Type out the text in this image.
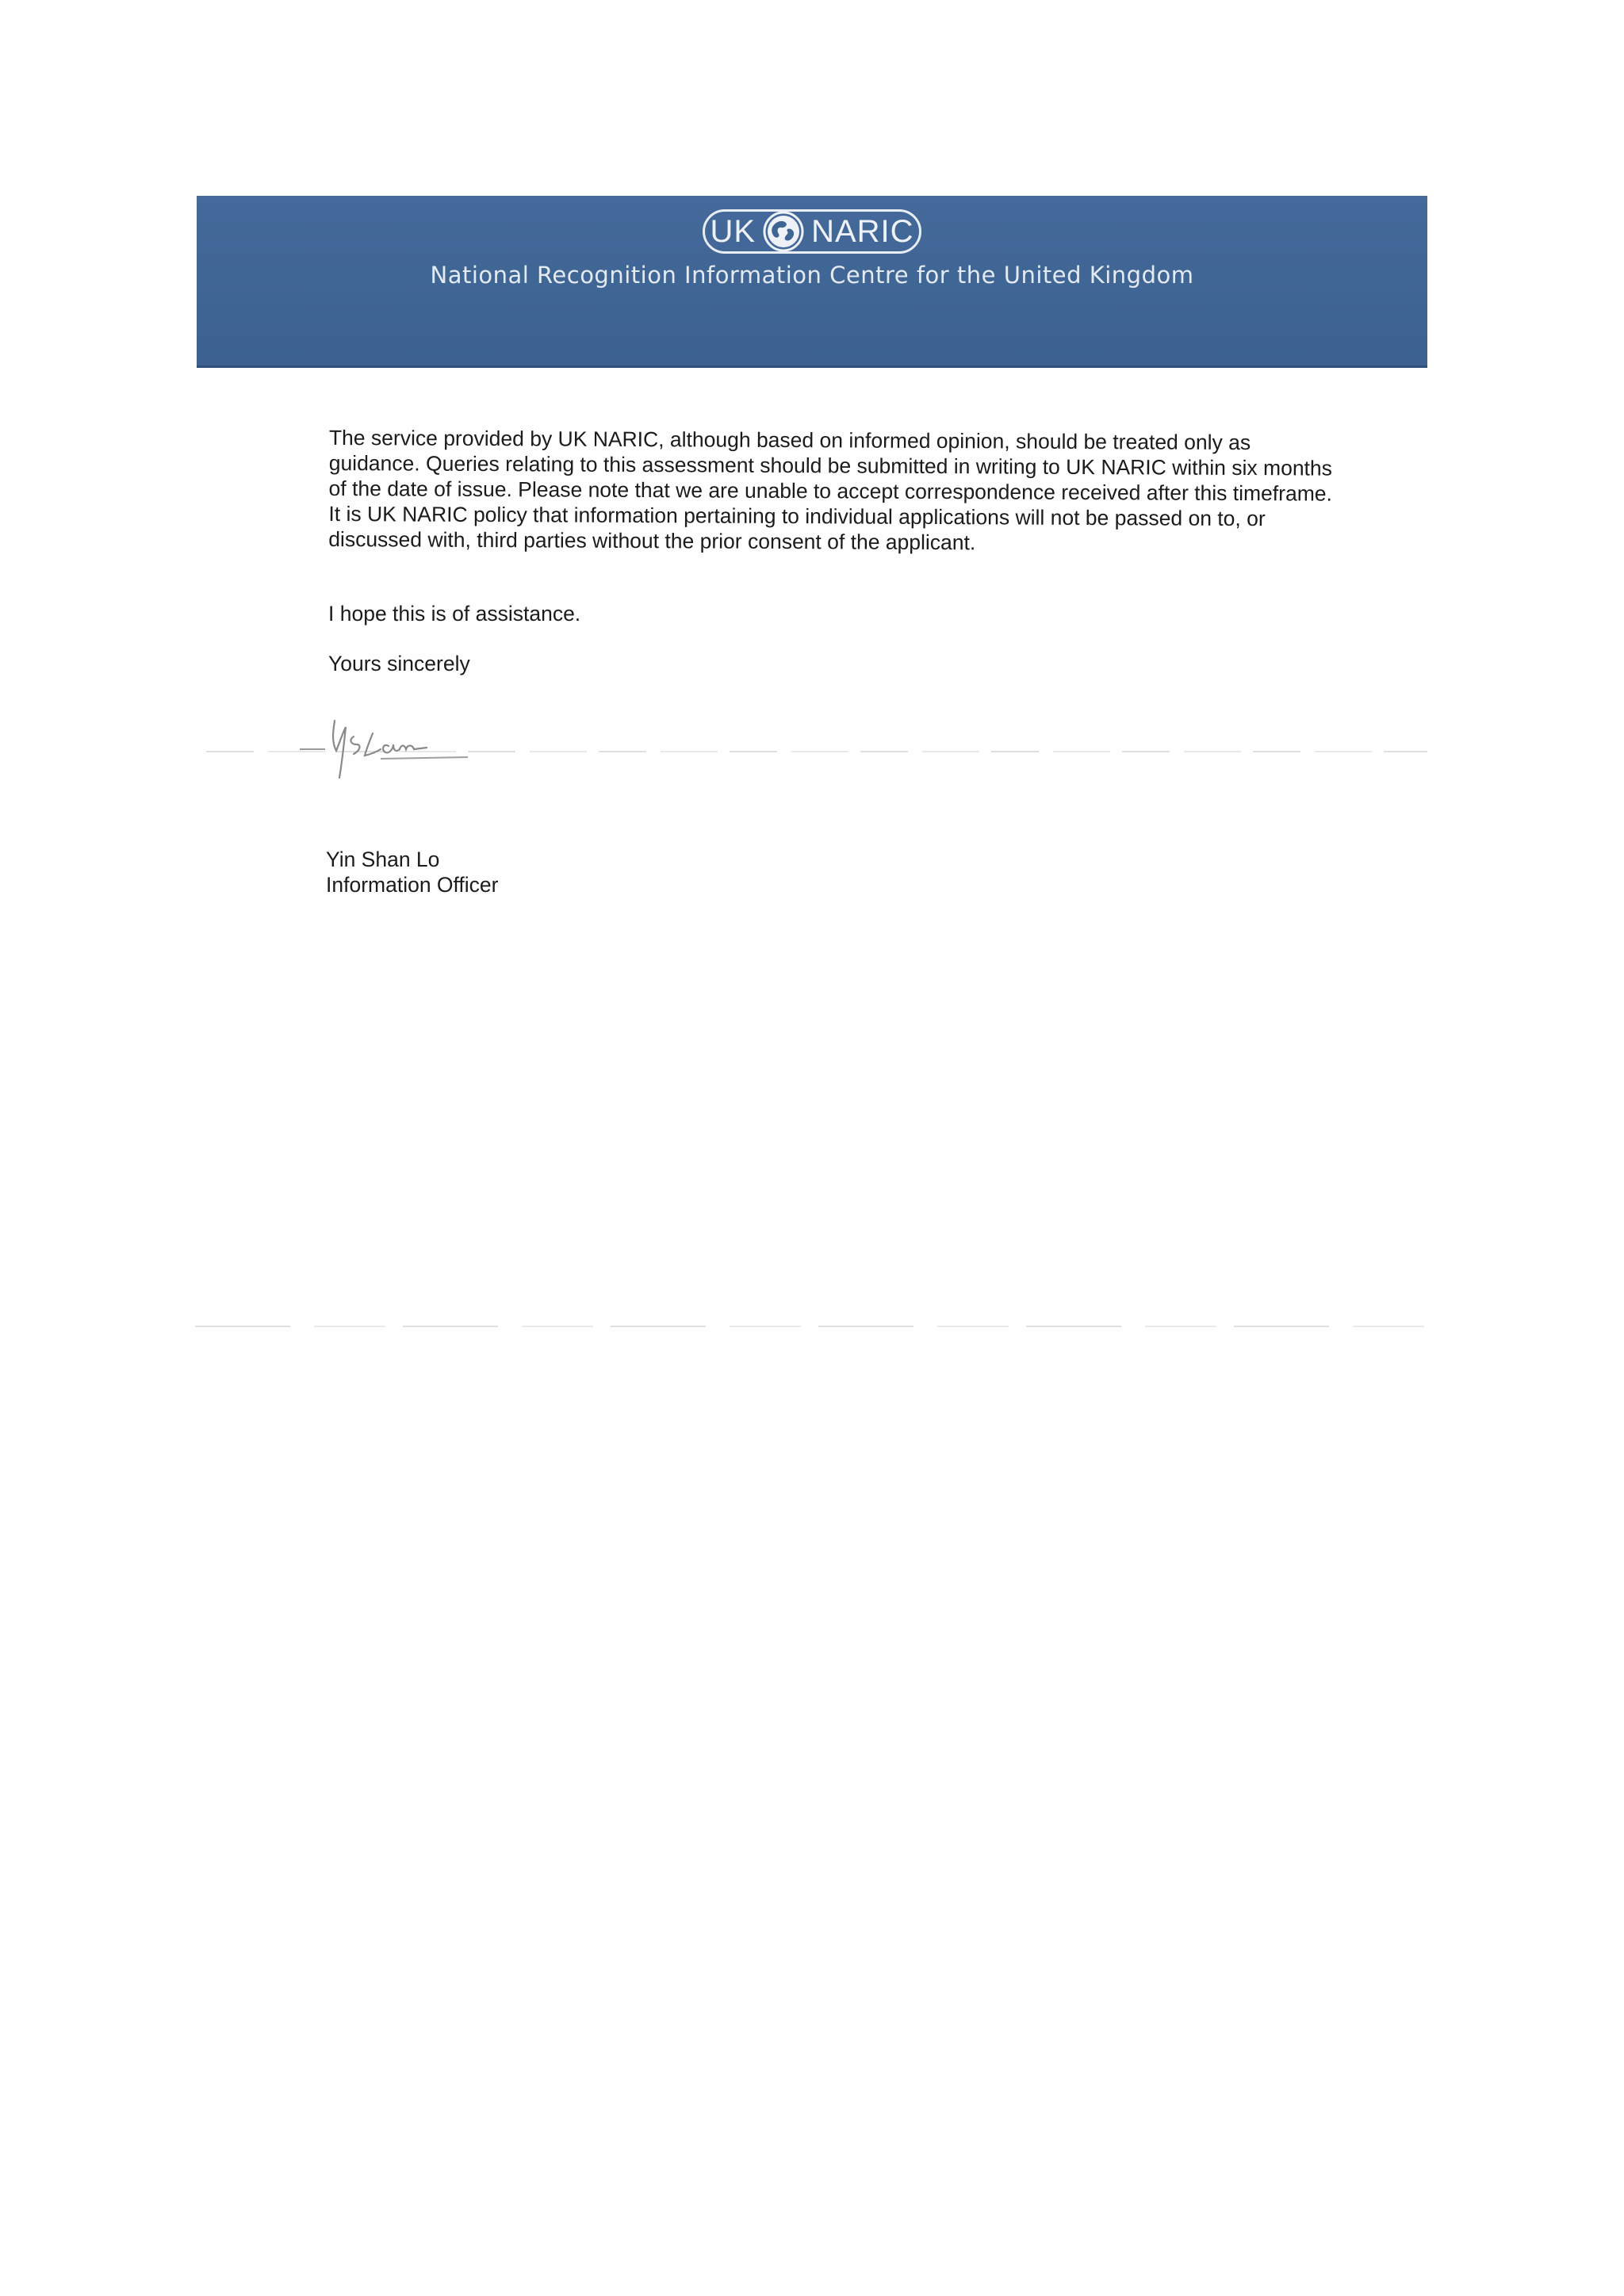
UK NARIC
National Recognition Information Centre for the United Kingdom
The service provided by UK NARIC, although based on informed opinion, should be treated only as guidance. Queries relating to this assessment should be submitted in writing to UK NARIC within six months of the date of issue. Please note that we are unable to accept correspondence received after this timeframe. It is UK NARIC policy that information pertaining to individual applications will not be passed on to, or discussed with, third parties without the prior consent of the applicant.
I hope this is of assistance.
Yours sincerely
Yin Shan Lo
Information Officer
